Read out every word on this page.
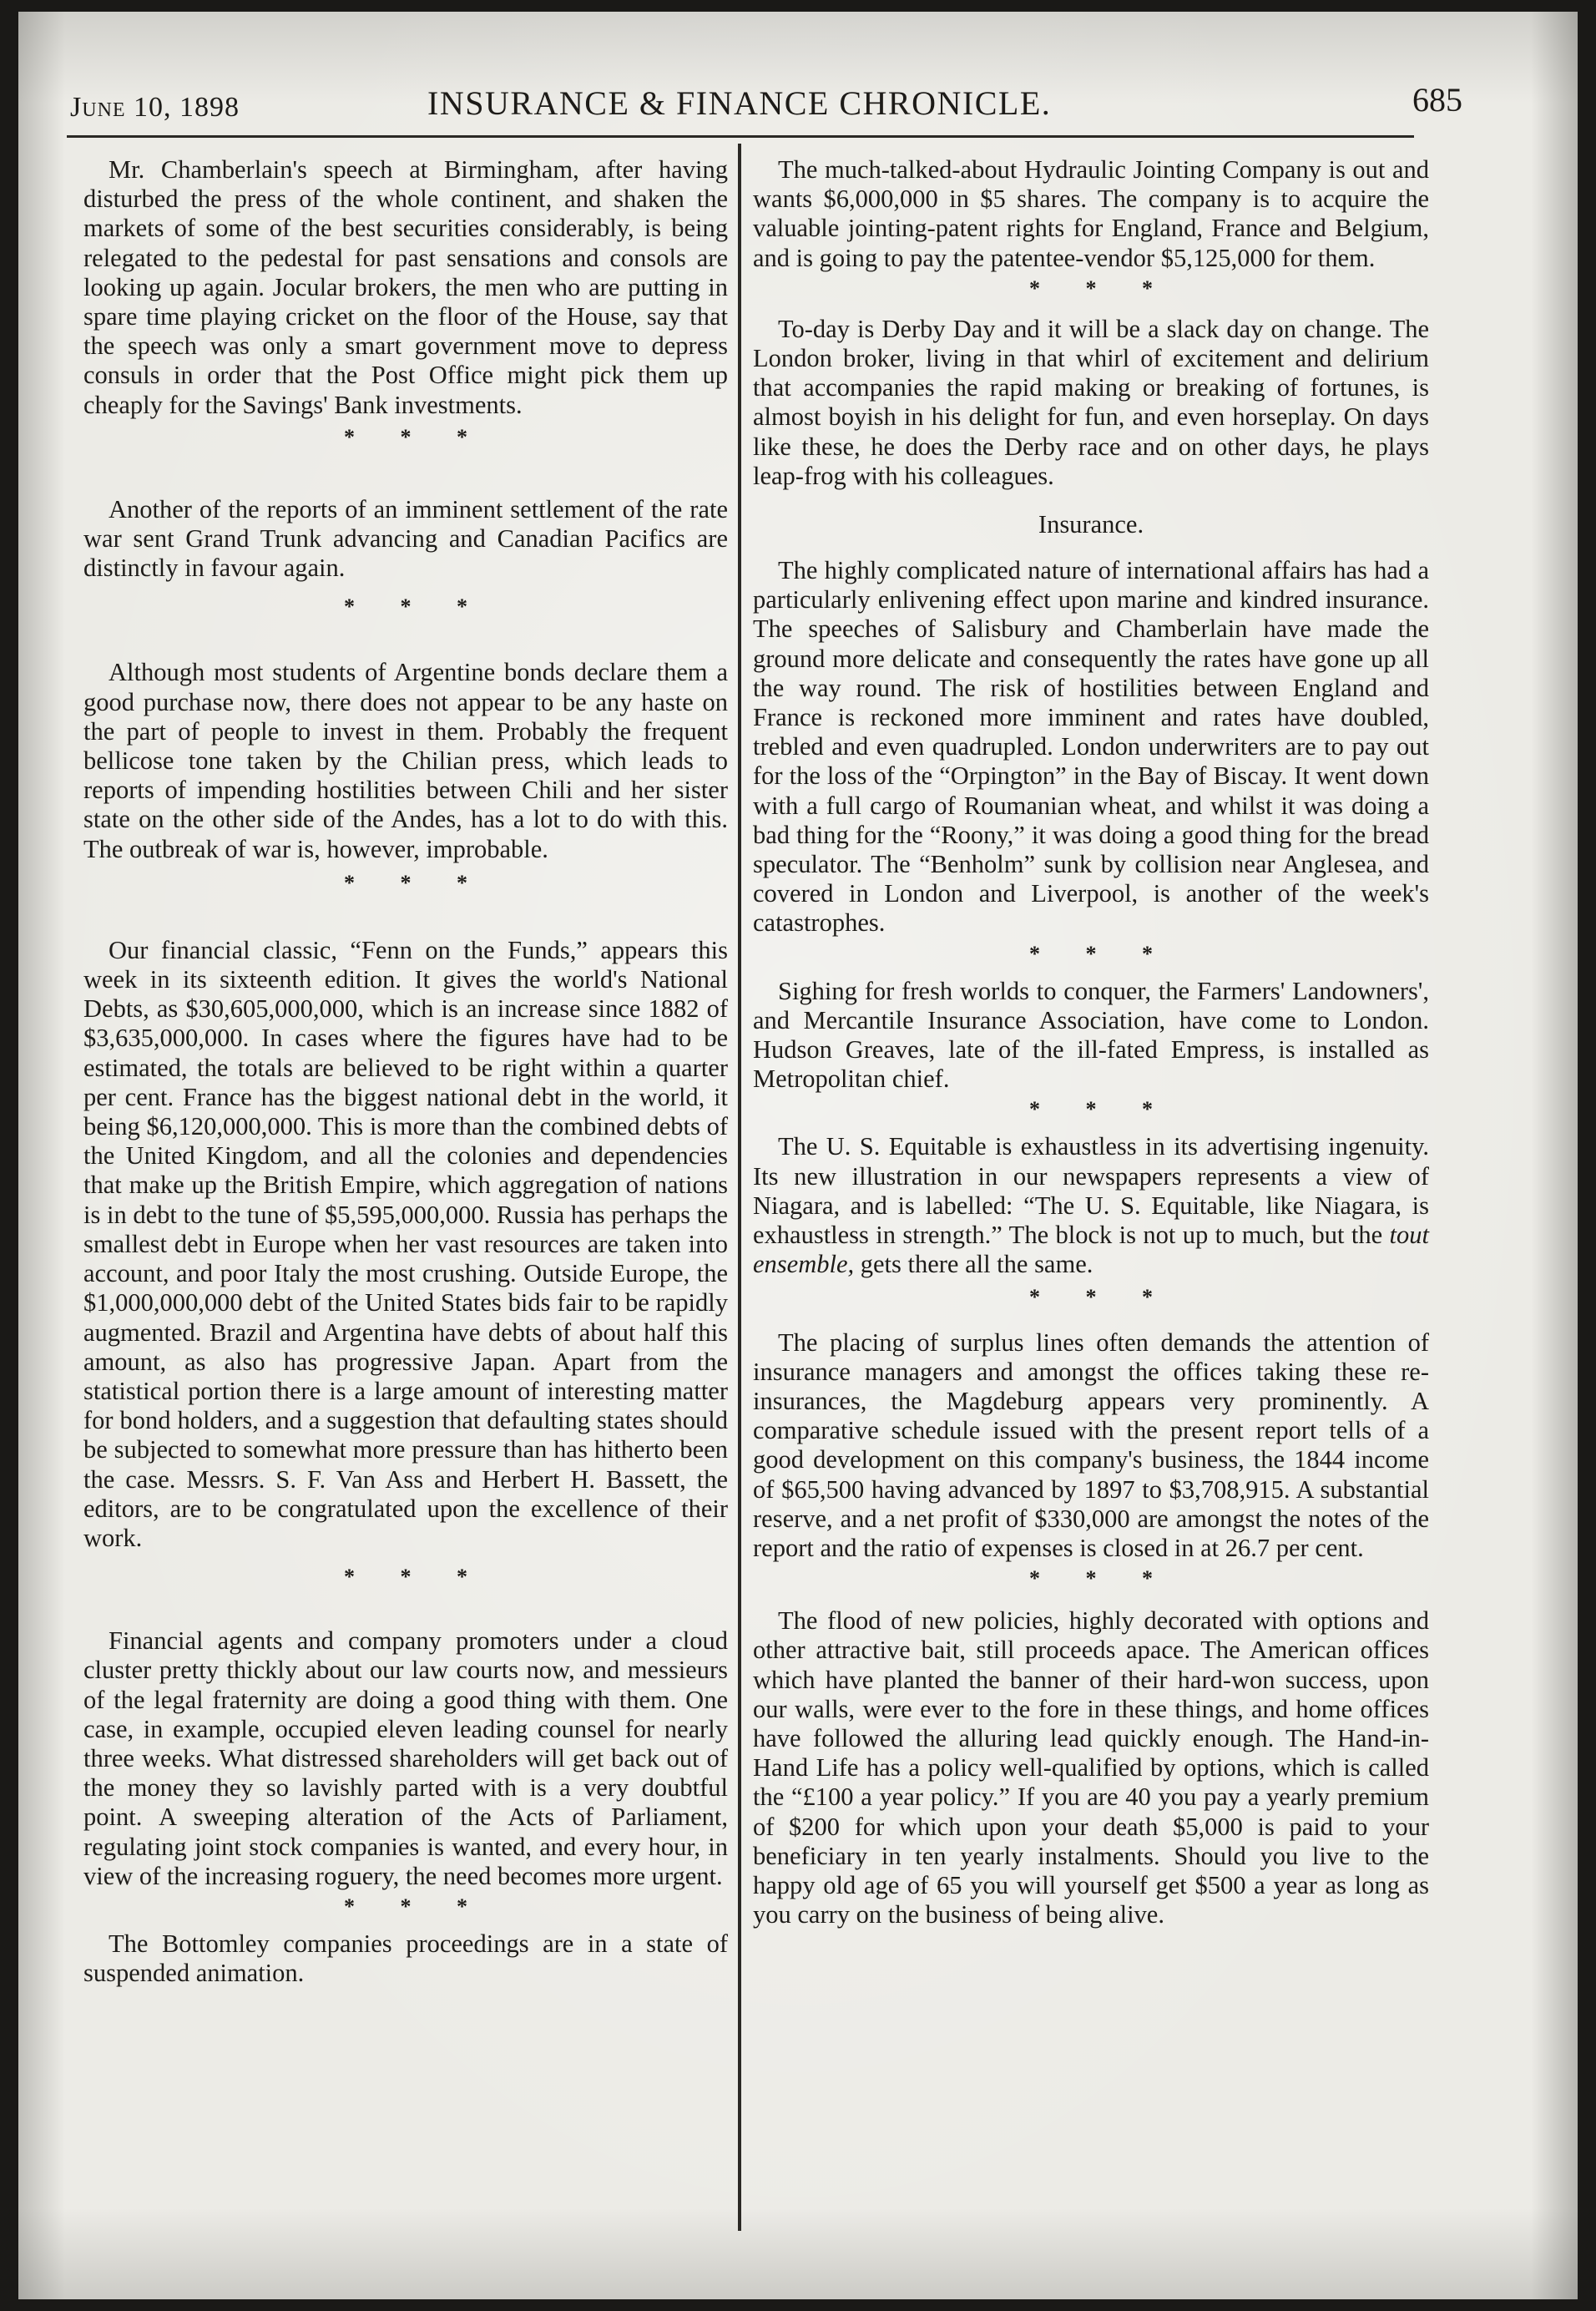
June 10, 1898	INSURANCE & FINANCE CHRONICLE.	685

Mr. Chamberlain's speech at Birmingham, after having disturbed the press of the whole continent, and shaken the markets of some of the best securities considerably, is being relegated to the pedestal for past sensations and consols are looking up again. Jocular brokers, the men who are putting in spare time playing cricket on the floor of the House, say that the speech was only a smart government move to depress consuls in order that the Post Office might pick them up cheaply for the Savings' Bank investments.

* * *

Another of the reports of an imminent settlement of the rate war sent Grand Trunk advancing and Canadian Pacifics are distinctly in favour again.

* * *

Although most students of Argentine bonds declare them a good purchase now, there does not appear to be any haste on the part of people to invest in them. Probably the frequent bellicose tone taken by the Chilian press, which leads to reports of impending hostilities between Chili and her sister state on the other side of the Andes, has a lot to do with this. The outbreak of war is, however, improbable.

* * *

Our financial classic, “Fenn on the Funds,” appears this week in its sixteenth edition. It gives the world's National Debts, as $30,605,000,000, which is an increase since 1882 of $3,635,000,000. In cases where the figures have had to be estimated, the totals are believed to be right within a quarter per cent. France has the biggest national debt in the world, it being $6,120,000,000. This is more than the combined debts of the United Kingdom, and all the colonies and dependencies that make up the British Empire, which aggregation of nations is in debt to the tune of $5,595,000,000. Russia has perhaps the smallest debt in Europe when her vast resources are taken into account, and poor Italy the most crushing. Outside Europe, the $1,000,000,000 debt of the United States bids fair to be rapidly augmented. Brazil and Argentina have debts of about half this amount, as also has progressive Japan. Apart from the statistical portion there is a large amount of interesting matter for bond holders, and a suggestion that defaulting states should be subjected to somewhat more pressure than has hitherto been the case. Messrs. S. F. Van Ass and Herbert H. Bassett, the editors, are to be congratulated upon the excellence of their work.

* * *

Financial agents and company promoters under a cloud cluster pretty thickly about our law courts now, and messieurs of the legal fraternity are doing a good thing with them. One case, in example, occupied eleven leading counsel for nearly three weeks. What distressed shareholders will get back out of the money they so lavishly parted with is a very doubtful point. A sweeping alteration of the Acts of Parliament, regulating joint stock companies is wanted, and every hour, in view of the increasing roguery, the need becomes more urgent.

* * *

The Bottomley companies proceedings are in a state of suspended animation.

The much-talked-about Hydraulic Jointing Company is out and wants $6,000,000 in $5 shares. The company is to acquire the valuable jointing-patent rights for England, France and Belgium, and is going to pay the patentee-vendor $5,125,000 for them.

* * *

To-day is Derby Day and it will be a slack day on change. The London broker, living in that whirl of excitement and delirium that accompanies the rapid making or breaking of fortunes, is almost boyish in his delight for fun, and even horseplay. On days like these, he does the Derby race and on other days, he plays leap-frog with his colleagues.

Insurance.

The highly complicated nature of international affairs has had a particularly enlivening effect upon marine and kindred insurance. The speeches of Salisbury and Chamberlain have made the ground more delicate and consequently the rates have gone up all the way round. The risk of hostilities between England and France is reckoned more imminent and rates have doubled, trebled and even quadrupled. London underwriters are to pay out for the loss of the “Orpington” in the Bay of Biscay. It went down with a full cargo of Roumanian wheat, and whilst it was doing a bad thing for the “Roony,” it was doing a good thing for the bread speculator. The “Benholm” sunk by collision near Anglesea, and covered in London and Liverpool, is another of the week's catastrophes.

* * *

Sighing for fresh worlds to conquer, the Farmers' Landowners', and Mercantile Insurance Association, have come to London. Hudson Greaves, late of the ill-fated Empress, is installed as Metropolitan chief.

* * *

The U. S. Equitable is exhaustless in its advertising ingenuity. Its new illustration in our newspapers represents a view of Niagara, and is labelled: “The U. S. Equitable, like Niagara, is exhaustless in strength.” The block is not up to much, but the tout ensemble, gets there all the same.

* * *

The placing of surplus lines often demands the attention of insurance managers and amongst the offices taking these re-insurances, the Magdeburg appears very prominently. A comparative schedule issued with the present report tells of a good development on this company's business, the 1844 income of $65,500 having advanced by 1897 to $3,708,915. A substantial reserve, and a net profit of $330,000 are amongst the notes of the report and the ratio of expenses is closed in at 26.7 per cent.

* * *

The flood of new policies, highly decorated with options and other attractive bait, still proceeds apace. The American offices which have planted the banner of their hard-won success, upon our walls, were ever to the fore in these things, and home offices have followed the alluring lead quickly enough. The Hand-in-Hand Life has a policy well-qualified by options, which is called the “£100 a year policy.” If you are 40 you pay a yearly premium of $200 for which upon your death $5,000 is paid to your beneficiary in ten yearly instalments. Should you live to the happy old age of 65 you will yourself get $500 a year as long as you carry on the business of being alive.
